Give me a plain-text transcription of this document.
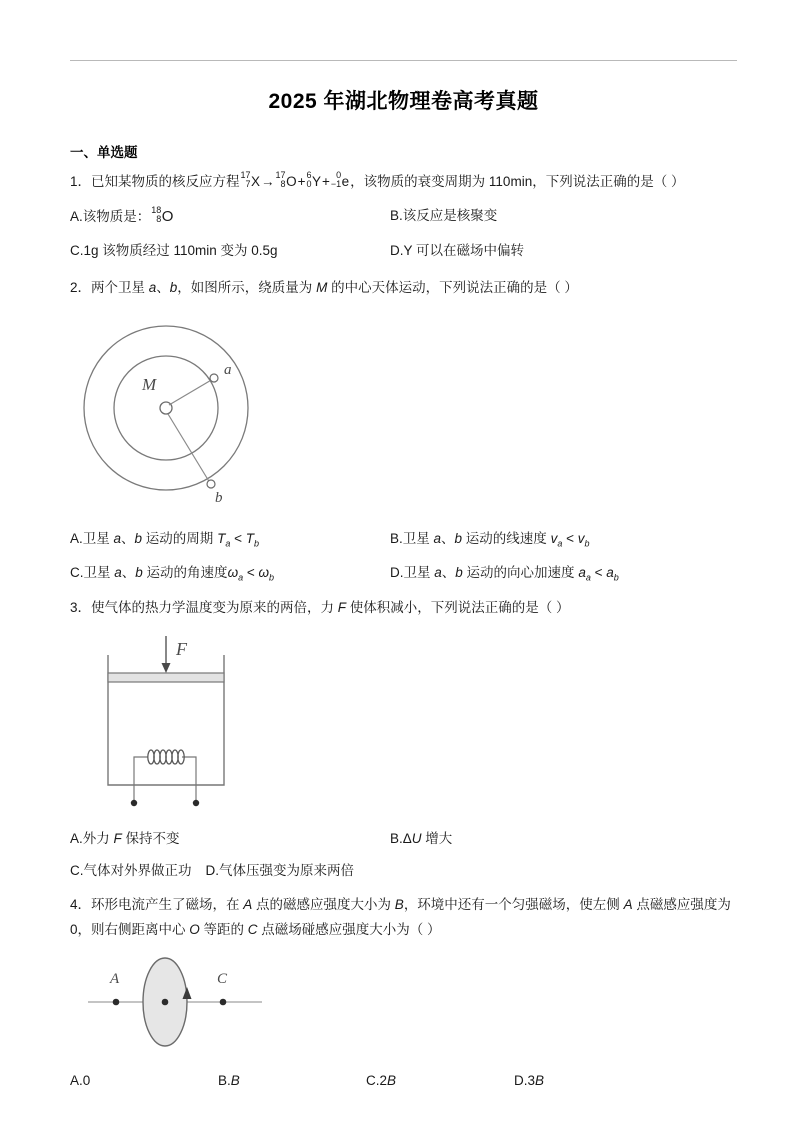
2025 年湖北物理卷高考真题
一、单选题
1．已知某物质的核反应方程 17
7 X→ 17
8 O+ 6
0 Y+ 0
−1 e，该物质的衰变周期为 110min，下列说法正确的是（ ）
A.该物质是： 18
8 O	B.该反应是核聚变
C.1g 该物质经过 110min 变为 0.5g	D.Y 可以在磁场中偏转
2．两个卫星 a、b，如图所示，绕质量为 M 的中心天体运动，下列说法正确的是（ ）
M
a
b
A.卫星 a、b 运动的周期 $T_a < T_b$	B.卫星 a、b 运动的线速度 $v_a < v_b$
C.卫星 a、b 运动的角速度$\omega_a < \omega_b$	D.卫星 a、b 运动的向心加速度 $a_a < a_b$
3．使气体的热力学温度变为原来的两倍，力 F 使体积减小，下列说法正确的是（ ）
F
A.外力 F 保持不变	B.ΔU 增大
C.气体对外界做正功 D.气体压强变为原来两倍
4．环形电流产生了磁场，在 A 点的磁感应强度大小为 B，环境中还有一个匀强磁场，使左侧 A 点磁感应强度为 0，则右侧距离中心 O 等距的 C 点磁场碰感应强度大小为（ ）
A	C
A.0	B.B	C.2B	D.3B
